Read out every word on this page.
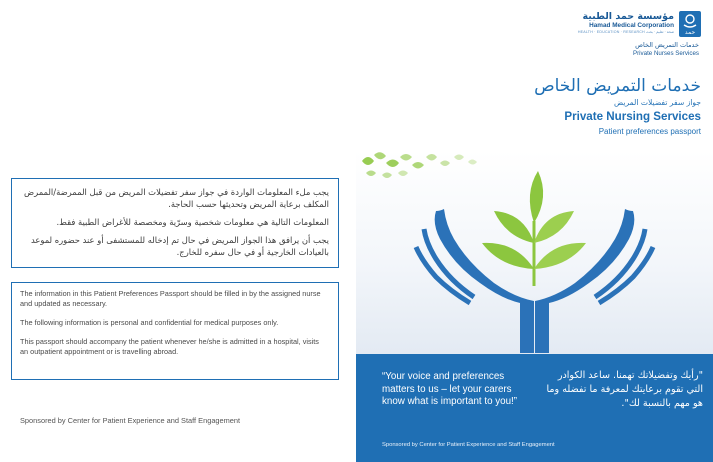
يجب ملء المعلومات الواردة في جواز سفر تفضيلات المريض من قبل الممرضة/الممرض المكلف برعاية المريض وتحديثها حسب الحاجة.

المعلومات التالية هي معلومات شخصية وسرّية ومخصصة للأغراض الطبية فقط.

يجب أن يرافق هذا الجواز المريض في حال تم إدخاله للمستشفى أو عند حضوره لموعد بالعيادات الخارجية أو في حال سفره للخارج.

The information in this Patient Preferences Passport should be filled in by the assigned nurse and updated as necessary.

The following information is personal and confidential for medical purposes only.

This passport should accompany the patient whenever he/she is admitted in a hospital, visits an outpatient appointment or is travelling abroad.

Sponsored by Center for Patient Experience and Staff Engagement
مؤسسة حمد الطبية
Hamad Medical Corporation
HEALTH · EDUCATION · RESEARCH صحة · تعليم · بحث حمد
خدمات التمريض الخاص
Private Nurses Services
خدمات التمريض الخاص
جواز سفر تفضيلات المريض
Private Nursing Services
Patient preferences passport
“Your voice and preferences matters to us – let your carers know what is important to you!”
"رأيك وتفضيلاتك تهمنا. ساعد الكوادر التي تقوم برعايتك لمعرفة ما تفضله وما هو مهم بالنسبة لك".
Sponsored by Center for Patient Experience and Staff Engagement
